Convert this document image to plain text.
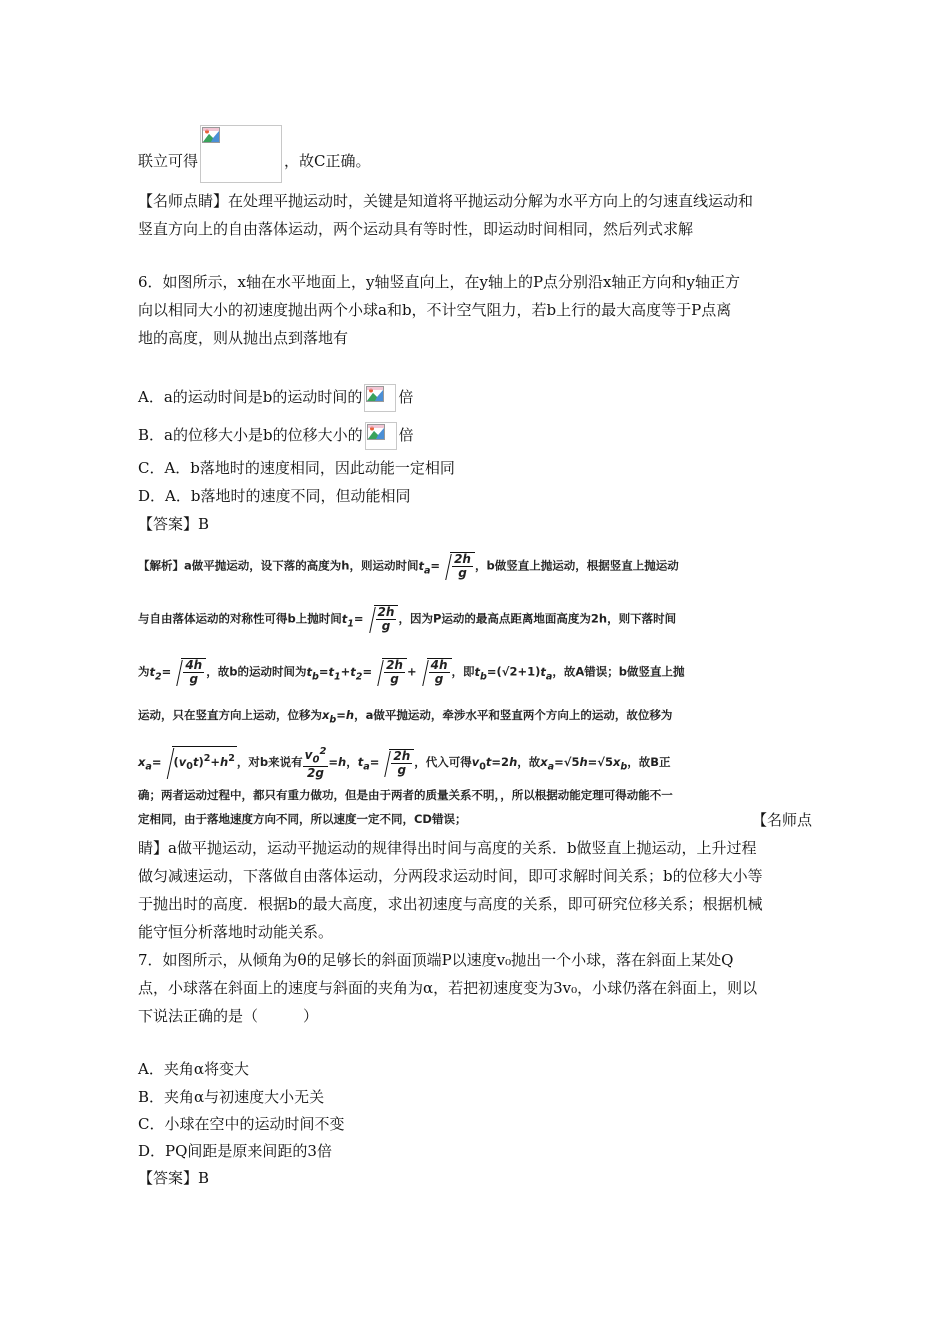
联立可得	，故C正确。
【名师点睛】在处理平抛运动时，关键是知道将平抛运动分解为水平方向上的匀速直线运动和
竖直方向上的自由落体运动，两个运动具有等时性，即运动时间相同，然后列式求解
6．如图所示，x轴在水平地面上，y轴竖直向上，在y轴上的P点分别沿x轴正方向和y轴正方
向以相同大小的初速度抛出两个小球a和b，不计空气阻力，若b上行的最大高度等于P点离
地的高度，则从抛出点到落地有
A．a的运动时间是b的运动时间的 倍
B．a的位移大小是b的位移大小的 倍
C．A．b落地时的速度相同，因此动能一定相同
D．A．b落地时的速度不同，但动能相同
【答案】B
【解析】a做平抛运动，设下落的高度为h，则运动时间$t_a= \frac{2h}{g}$ ，b做竖直上抛运动，根据竖直上抛运动
与自由落体运动的对称性可得b上抛时间$t_1= \frac{2h}{g}$ ，因为P运动的最高点距离地面高度为2h，则下落时间
为$t_2= \frac{4h}{g}$ ，故b的运动时间为$t_b=t_1+t_2= \frac{2h}{g} + \frac{4h}{g}$ ，即$t_b=(√2+1)t_a$，故A错误；b做竖直上抛
运动，只在竖直方向上运动，位移为$x_b=h$，a做平抛运动，牵涉水平和竖直两个方向上的运动，故位移为
$x_a= (v_0t)^2+h^2$ ，对b来说有 $\frac{v_0^2}{2g} =h$，$t_a= \frac{2h}{g}$ ，代入可得$v_0t=2h$，故$x_a=√5h=√5x_b$，故B正
确；两者运动过程中，都只有重力做功，但是由于两者的质量关系不明，，所以根据动能定理可得动能不一
定相同，由于落地速度方向不同，所以速度一定不同，CD错误；	【名师点
睛】a做平抛运动，运动平抛运动的规律得出时间与高度的关系．b做竖直上抛运动，上升过程
做匀减速运动，下落做自由落体运动，分两段求运动时间，即可求解时间关系；b的位移大小等
于抛出时的高度．根据b的最大高度，求出初速度与高度的关系，即可研究位移关系；根据机械
能守恒分析落地时动能关系。
7．如图所示，从倾角为θ的足够长的斜面顶端P以速度v₀抛出一个小球，落在斜面上某处Q
点，小球落在斜面上的速度与斜面的夹角为α，若把初速度变为3v₀，小球仍落在斜面上，则以
下说法正确的是（　　　）
A．夹角α将变大
B．夹角α与初速度大小无关
C．小球在空中的运动时间不变
D．PQ间距是原来间距的3倍
【答案】B
